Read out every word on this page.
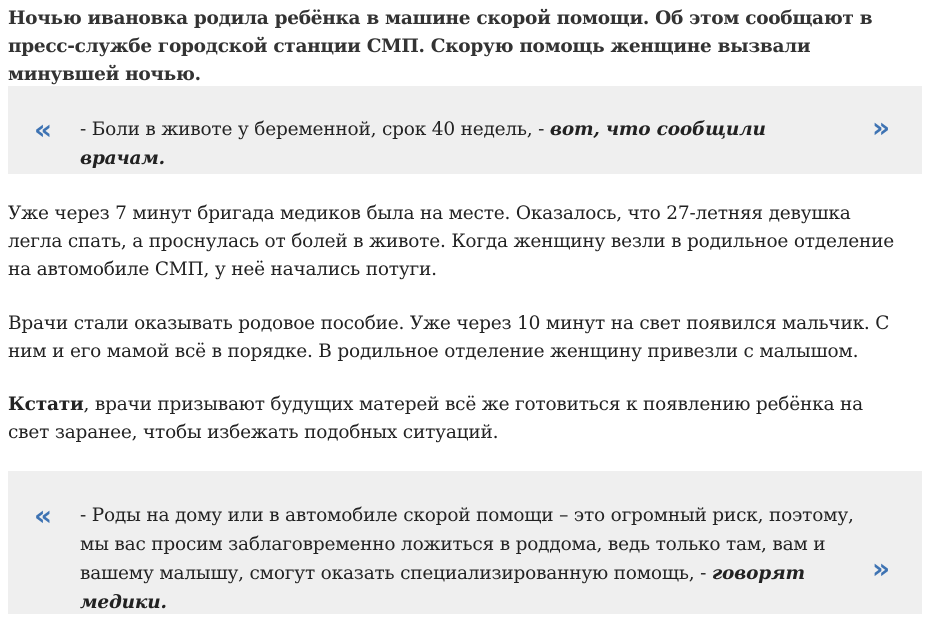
Ночью ивановка родила ребёнка в машине скорой помощи. Об этом сообщают в пресс-службе городской станции СМП. Скорую помощь женщине вызвали минувшей ночью.
« - Боли в животе у беременной, срок 40 недель, - вот, что сообщили врачам.
»

Уже через 7 минут бригада медиков была на месте. Оказалось, что 27-летняя девушка легла спать, а проснулась от болей в животе. Когда женщину везли в родильное отделение на автомобиле СМП, у неё начались потуги.

Врачи стали оказывать родовое пособие. Уже через 10 минут на свет появился мальчик. С ним и его мамой всё в порядке. В родильное отделение женщину привезли с малышом.

Кстати, врачи призывают будущих матерей всё же готовиться к появлению ребёнка на свет заранее, чтобы избежать подобных ситуаций.

« - Роды на дому или в автомобиле скорой помощи – это огромный риск, поэтому, мы вас просим заблаговременно ложиться в роддома, ведь только там, вам и вашему малышу, смогут оказать специализированную помощь, - говорят медики.
»
